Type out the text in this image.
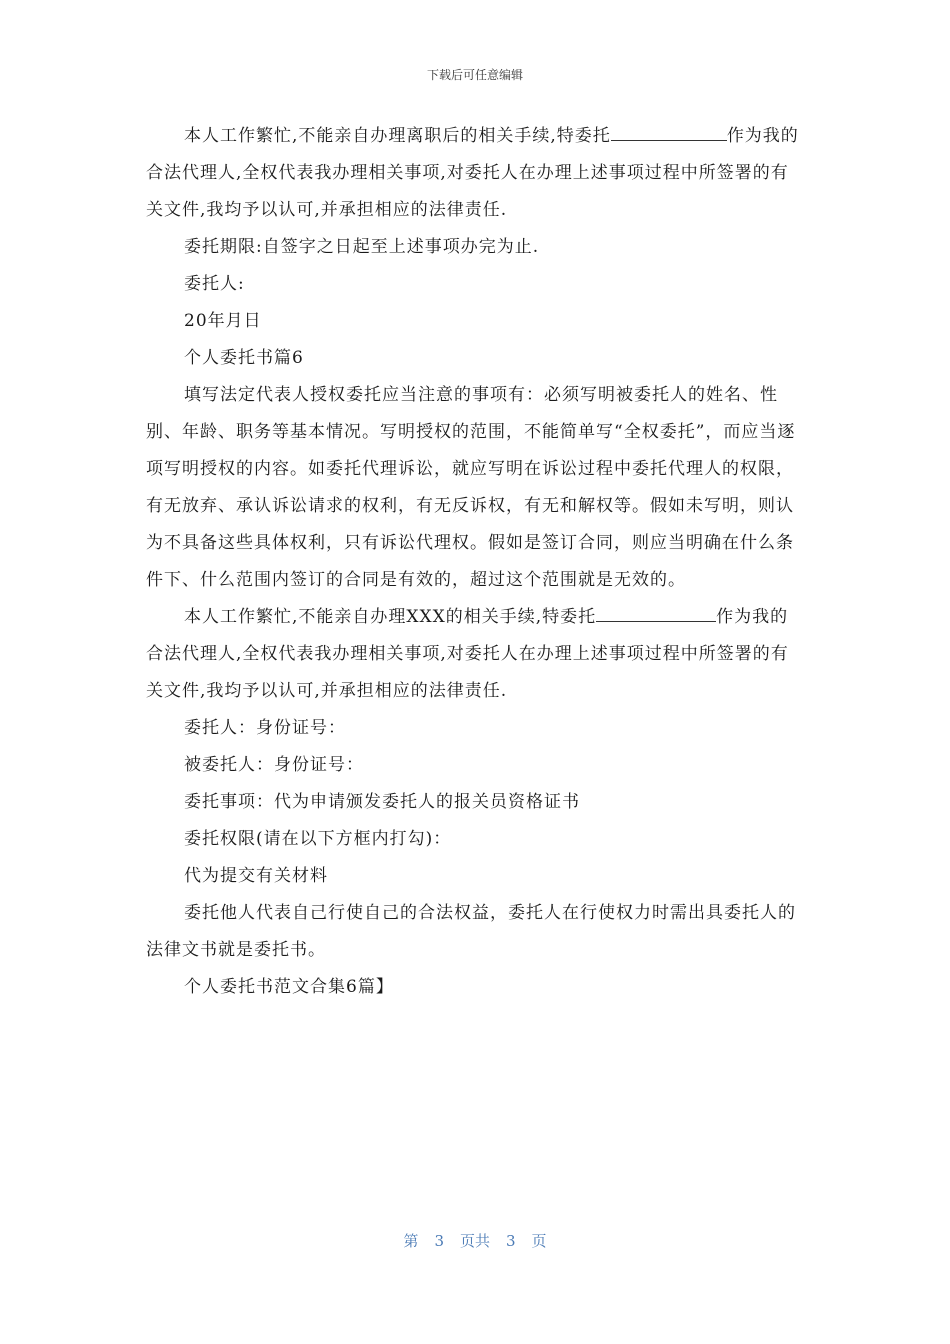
下载后可任意编辑

本人工作繁忙,不能亲自办理离职后的相关手续,特委托	作为我的合法代理人,全权代表我办理相关事项,对委托人在办理上述事项过程中所签署的有关文件,我均予以认可,并承担相应的法律责任.

委托期限:自签字之日起至上述事项办完为止.

委托人:

20年月日

个人委托书篇6

填写法定代表人授权委托应当注意的事项有：必须写明被委托人的姓名、性别、年龄、职务等基本情况。写明授权的范围，不能简单写“全权委托”，而应当逐项写明授权的内容。如委托代理诉讼，就应写明在诉讼过程中委托代理人的权限，有无放弃、承认诉讼请求的权利，有无反诉权，有无和解权等。假如未写明，则认为不具备这些具体权利，只有诉讼代理权。假如是签订合同，则应当明确在什么条件下、什么范围内签订的合同是有效的，超过这个范围就是无效的。

本人工作繁忙,不能亲自办理XXX的相关手续,特委托	作为我的合法代理人,全权代表我办理相关事项,对委托人在办理上述事项过程中所签署的有关文件,我均予以认可,并承担相应的法律责任.

委托人：身份证号：

被委托人：身份证号：

委托事项：代为申请颁发委托人的报关员资格证书

委托权限(请在以下方框内打勾)：

代为提交有关材料

委托他人代表自己行使自己的合法权益，委托人在行使权力时需出具委托人的法律文书就是委托书。

个人委托书范文合集6篇】

第 3 页共 3 页
